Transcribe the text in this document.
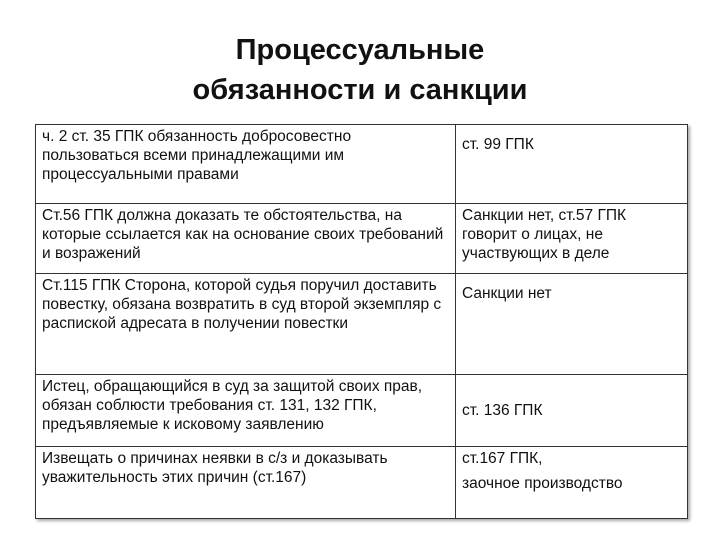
Процессуальные
обязанности и санкции
ч. 2 ст. 35 ГПК обязанность добросовестно пользоваться всеми принадлежащими им процессуальными правами	ст. 99 ГПК
Ст.56 ГПК должна доказать те обстоятельства, на которые ссылается как на основание своих требований и возражений	Санкции нет, ст.57 ГПК говорит о лицах, не участвующих в деле
Ст.115 ГПК Сторона, которой судья поручил доставить повестку, обязана возвратить в суд второй экземпляр с распиской адресата в получении повестки	Санкции нет
Истец, обращающийся в суд за защитой своих прав, обязан соблюсти требования ст. 131, 132 ГПК, предъявляемые к исковому заявлению	ст. 136 ГПК
Извещать о причинах неявки в с/з и доказывать уважительность этих причин (ст.167)	ст.167 ГПК,
заочное производство
